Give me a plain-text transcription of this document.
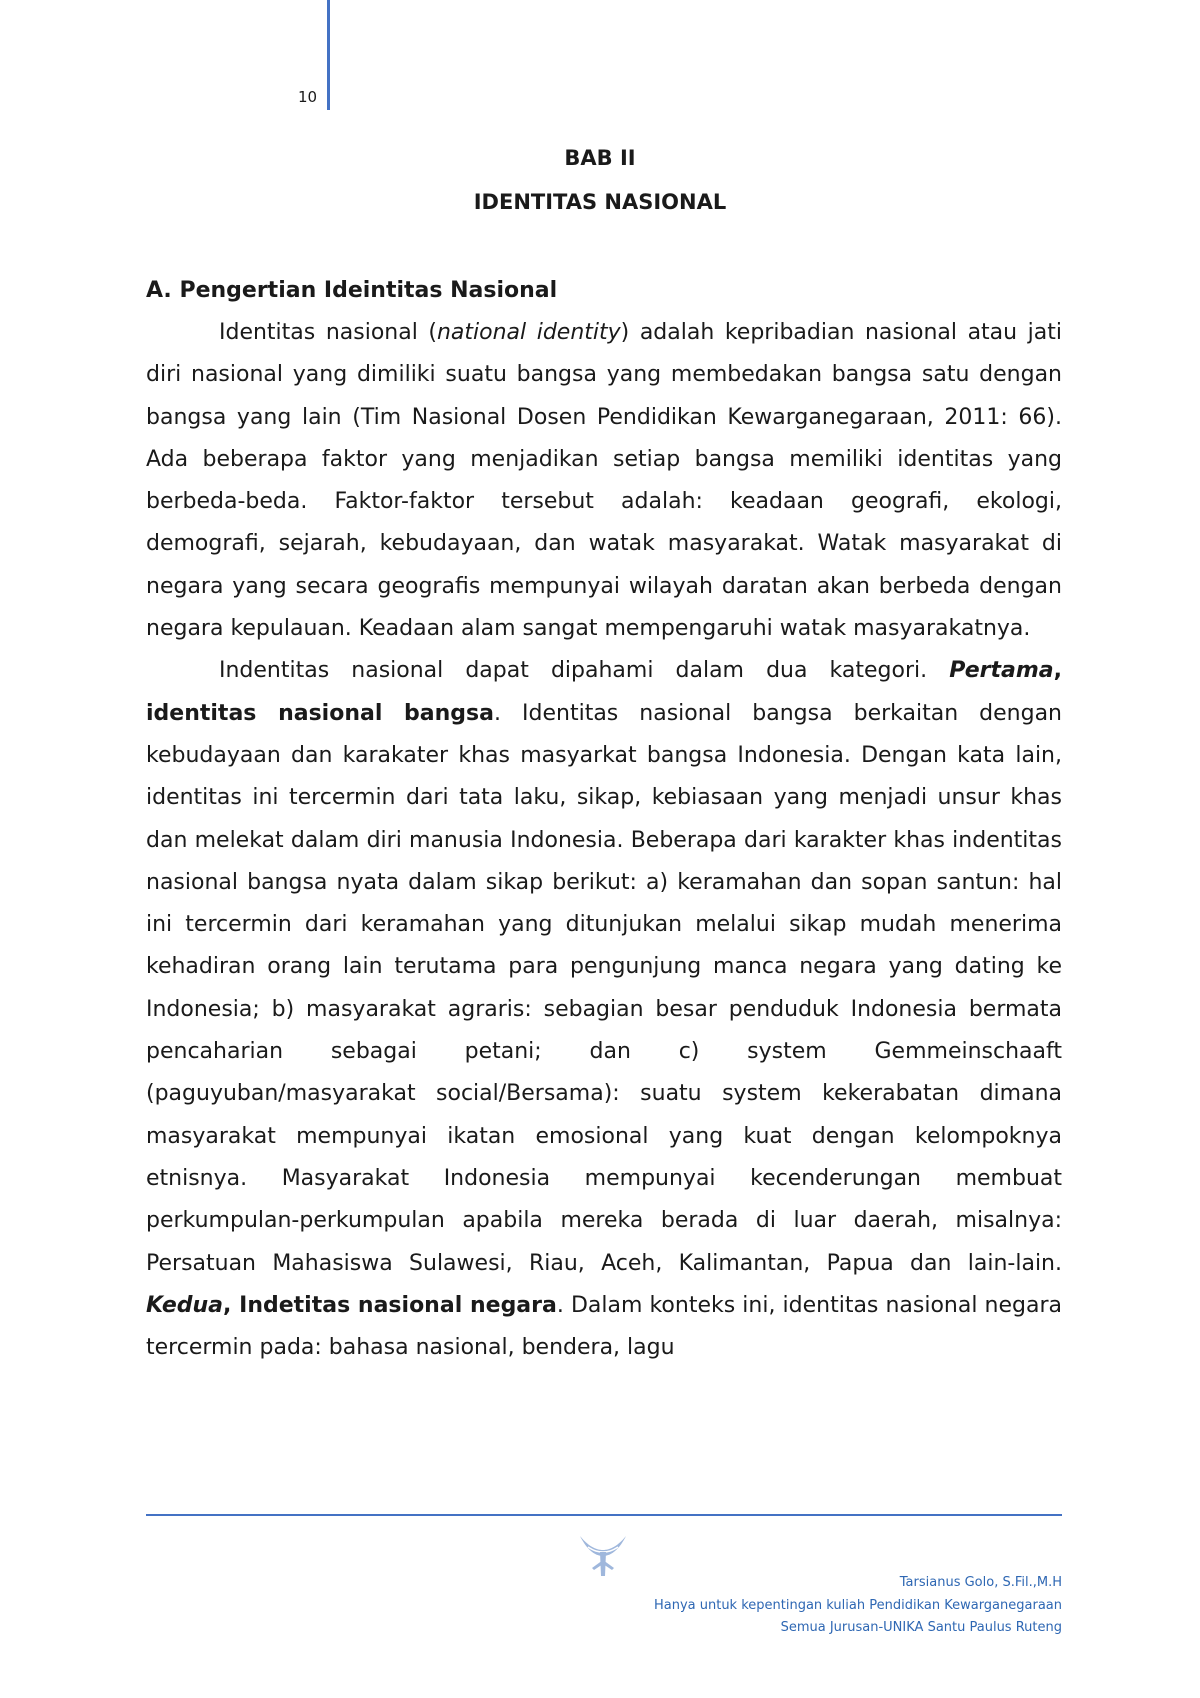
10
BAB II
IDENTITAS NASIONAL

A. Pengertian Ideintitas Nasional

Identitas nasional (national identity) adalah kepribadian nasional atau jati diri nasional yang dimiliki suatu bangsa yang membedakan bangsa satu dengan bangsa yang lain (Tim Nasional Dosen Pendidikan Kewarganegaraan, 2011: 66). Ada beberapa faktor yang menjadikan setiap bangsa memiliki identitas yang berbeda-beda. Faktor-faktor tersebut adalah: keadaan geografi, ekologi, demografi, sejarah, kebudayaan, dan watak masyarakat. Watak masyarakat di negara yang secara geografis mempunyai wilayah daratan akan berbeda dengan negara kepulauan. Keadaan alam sangat mempengaruhi watak masyarakatnya.

Indentitas nasional dapat dipahami dalam dua kategori. Pertama, identitas nasional bangsa. Identitas nasional bangsa berkaitan dengan kebudayaan dan karakater khas masyarkat bangsa Indonesia. Dengan kata lain, identitas ini tercermin dari tata laku, sikap, kebiasaan yang menjadi unsur khas dan melekat dalam diri manusia Indonesia. Beberapa dari karakter khas indentitas nasional bangsa nyata dalam sikap berikut: a) keramahan dan sopan santun: hal ini tercermin dari keramahan yang ditunjukan melalui sikap mudah menerima kehadiran orang lain terutama para pengunjung manca negara yang dating ke Indonesia; b) masyarakat agraris: sebagian besar penduduk Indonesia bermata pencaharian sebagai petani; dan c) system Gemmeinschaaft (paguyuban/masyarakat social/Bersama): suatu system kekerabatan dimana masyarakat mempunyai ikatan emosional yang kuat dengan kelompoknya etnisnya. Masyarakat Indonesia mempunyai kecenderungan membuat perkumpulan-perkumpulan apabila mereka berada di luar daerah, misalnya: Persatuan Mahasiswa Sulawesi, Riau, Aceh, Kalimantan, Papua dan lain-lain. Kedua, Indetitas nasional negara. Dalam konteks ini, identitas nasional negara tercermin pada: bahasa nasional, bendera, lagu

Tarsianus Golo, S.Fil.,M.H
Hanya untuk kepentingan kuliah Pendidikan Kewarganegaraan
Semua Jurusan-UNIKA Santu Paulus Ruteng
